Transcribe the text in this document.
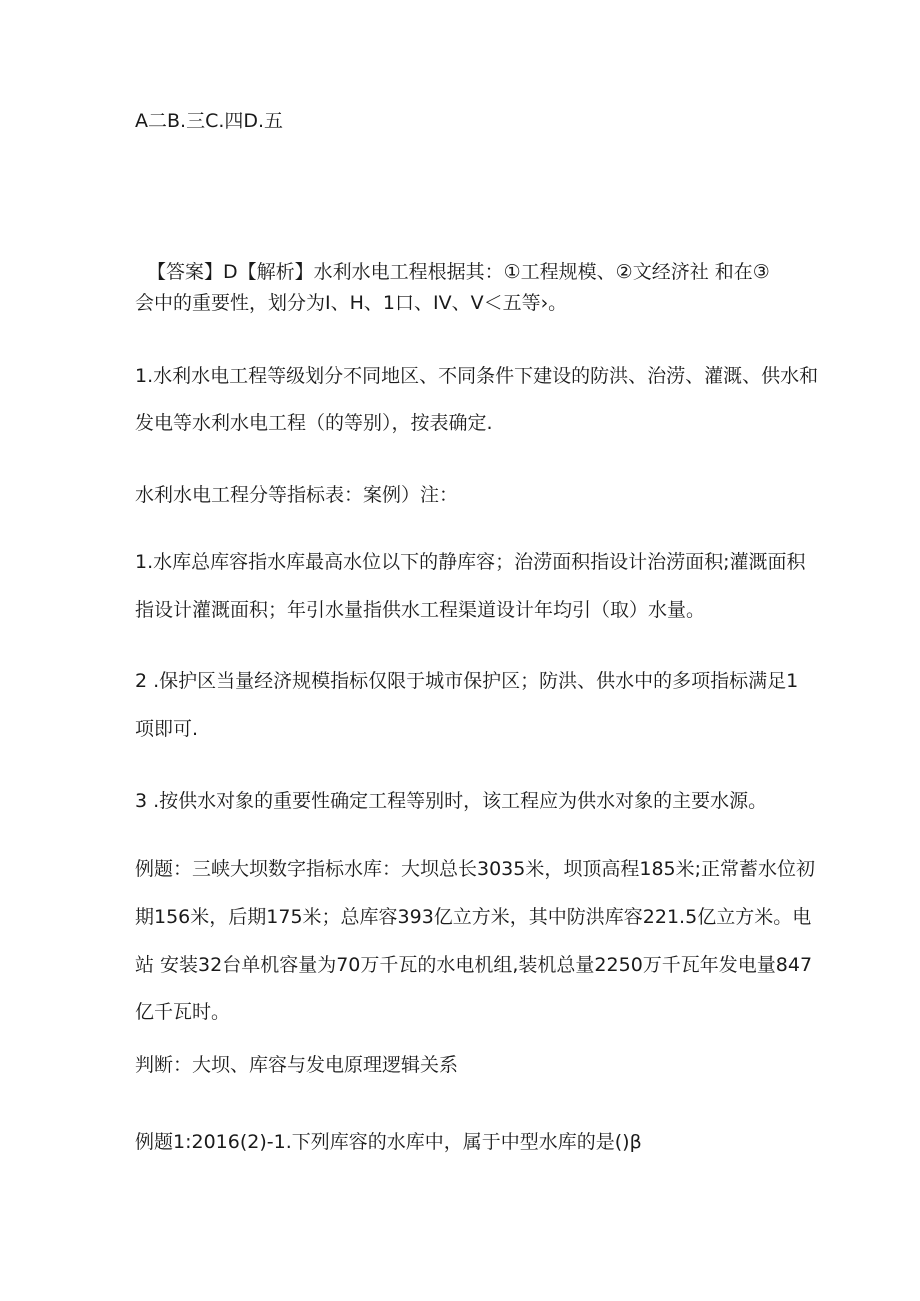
A二B.三C.四D.五
【答案】D【解析】水利水电工程根据其：①工程规模、②文经济社 和在③
会中的重要性，划分为I、H、1口、IV、V＜五等›。
1.水利水电工程等级划分不同地区、不同条件下建设的防洪、治涝、灌溉、供水和
发电等水利水电工程（的等别），按表确定.
水利水电工程分等指标表：案例）注：
1.水库总库容指水库最高水位以下的静库容；治涝面积指设计治涝面积;灌溉面积
指设计灌溉面积；年引水量指供水工程渠道设计年均引（取）水量。
2 .保护区当量经济规模指标仅限于城市保护区；防洪、供水中的多项指标满足1
项即可.
3 .按供水对象的重要性确定工程等别时，该工程应为供水对象的主要水源。
例题：三峡大坝数字指标水库：大坝总长3035米，坝顶高程185米;正常蓄水位初
期156米，后期175米；总库容393亿立方米，其中防洪库容221.5亿立方米。电
站 安装32台单机容量为70万千瓦的水电机组,装机总量2250万千瓦年发电量847
亿千瓦时。
判断：大坝、库容与发电原理逻辑关系
例题1:2016(2)-1.下列库容的水库中，属于中型水库的是()β
